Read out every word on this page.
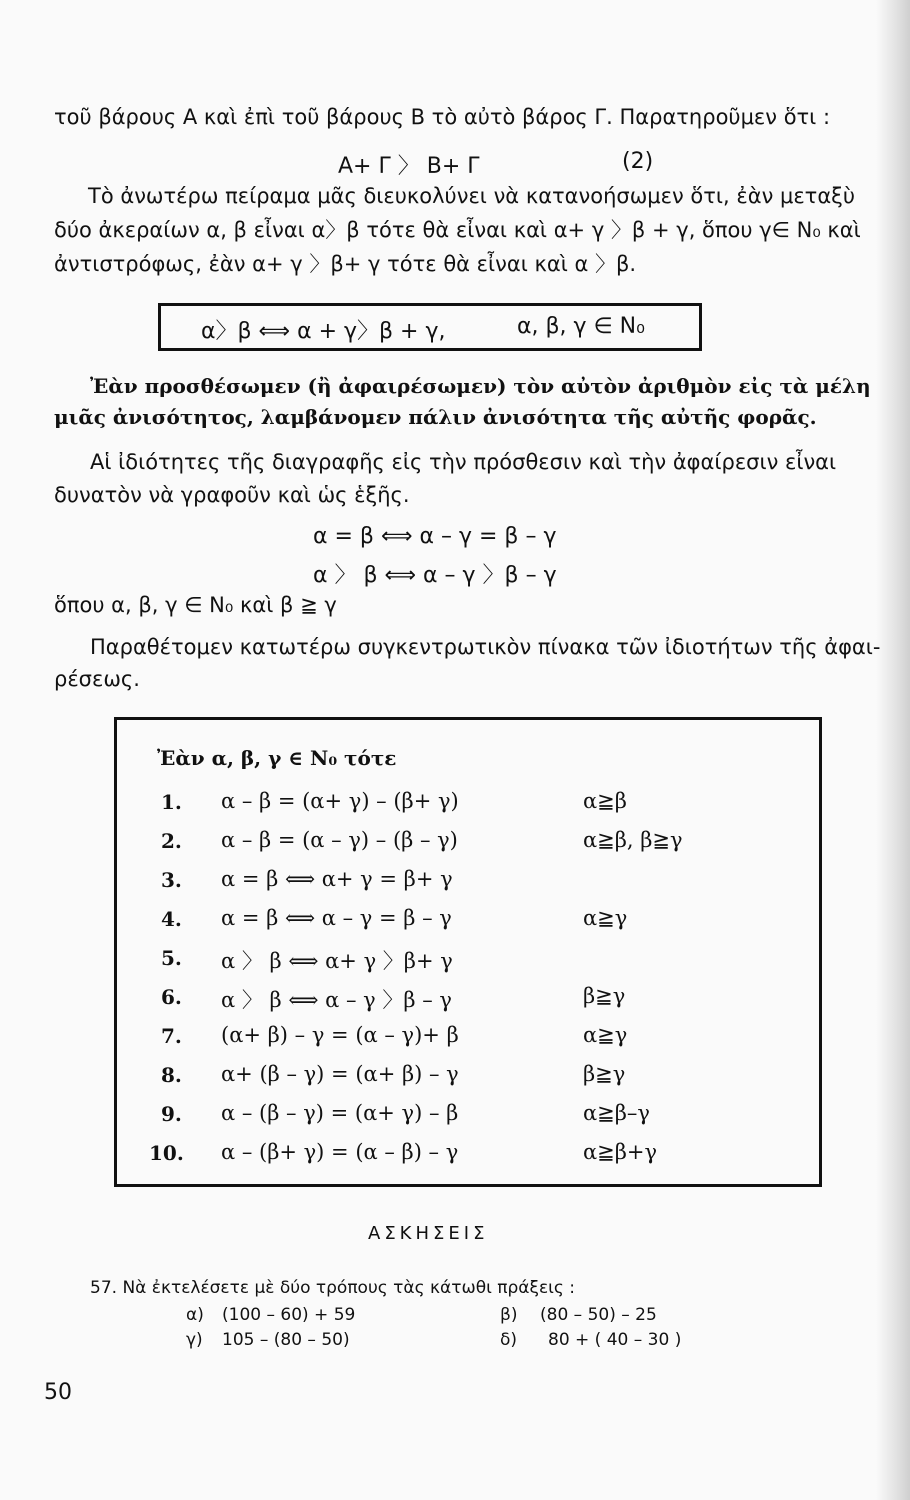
τοῦ βάρους Α καὶ ἐπὶ τοῦ βάρους Β τὸ αὐτὸ βάρος Γ. Παρατηροῦμεν ὅτι :
Α+ Γ 〉 Β+ Γ	(2)
Τὸ ἀνωτέρω πείραμα μᾶς διευκολύνει νὰ κατανοήσωμεν ὅτι, ἐὰν μεταξὺ
δύο ἀκεραίων α, β εἶναι α〉β τότε θὰ εἶναι καὶ α+ γ 〉β + γ, ὅπου γ∈ Ν₀ καὶ
ἀντιστρόφως, ἐὰν α+ γ 〉β+ γ τότε θὰ εἶναι καὶ α 〉β.
α〉β ⟺ α + γ〉β + γ,	α, β, γ ∈ Ν₀
Ἐὰν προσθέσωμεν (ἢ ἀφαιρέσωμεν) τὸν αὐτὸν ἀριθμὸν εἰς τὰ μέλη
μιᾶς ἀνισότητος, λαμβάνομεν πάλιν ἀνισότητα τῆς αὐτῆς φορᾶς.
Αἱ ἰδιότητες τῆς διαγραφῆς εἰς τὴν πρόσθεσιν καὶ τὴν ἀφαίρεσιν εἶναι
δυνατὸν νὰ γραφοῦν καὶ ὡς ἑξῆς.
α = β ⟺ α – γ = β – γ
α 〉 β ⟺ α – γ 〉β – γ
ὅπου α, β, γ ∈ Ν₀ καὶ β ≧ γ
Παραθέτομεν κατωτέρω συγκεντρωτικὸν πίνακα τῶν ἰδιοτήτων τῆς ἀφαι-
ρέσεως.
Ἐὰν α, β, γ ∈ Ν₀ τότε
1. α – β = (α+ γ) – (β+ γ)	α≧β
2. α – β = (α – γ) – (β – γ)	α≧β, β≧γ
3. α = β ⟺ α+ γ = β+ γ
4. α = β ⟺ α – γ = β – γ	α≧γ
5. α 〉 β ⟺ α+ γ 〉β+ γ
6. α 〉 β ⟺ α – γ 〉β – γ	β≧γ
7. (α+ β) – γ = (α – γ)+ β	α≧γ
8. α+ (β – γ) = (α+ β) – γ	β≧γ
9. α – (β – γ) = (α+ γ) – β	α≧β–γ
10. α – (β+ γ) = (α – β) – γ	α≧β+γ
ΑΣΚΗΣΕΙΣ
57. Νὰ ἐκτελέσετε μὲ δύο τρόπους τὰς κάτωθι πράξεις :
α) (100 – 60) + 59	β) (80 – 50) – 25
γ) 105 – (80 – 50)	δ) 80 + ( 40 – 30 )
50
